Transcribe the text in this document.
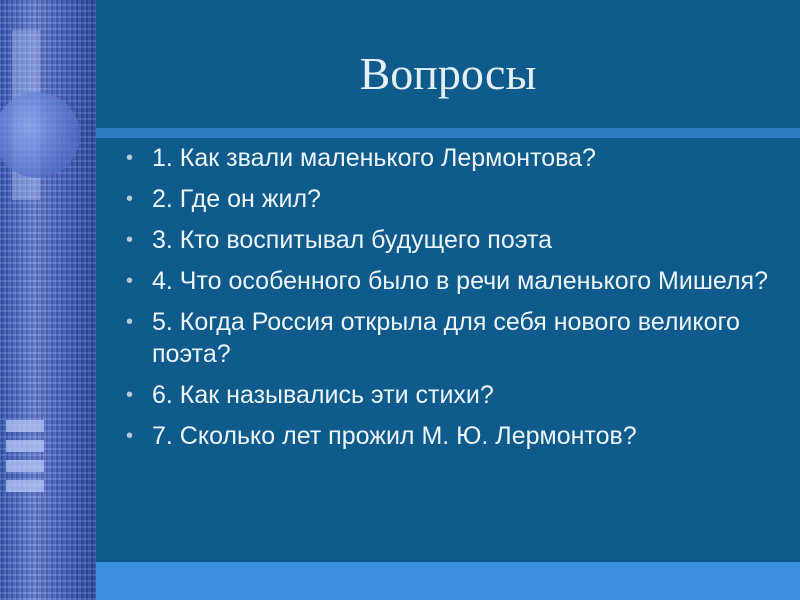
Вопросы
• 1. Как звали маленького Лермонтова?
• 2. Где он жил?
• 3. Кто воспитывал будущего поэта
• 4. Что особенного было в речи маленького Мишеля?
• 5. Когда Россия открыла для себя нового великого поэта?
• 6. Как назывались эти стихи?
• 7. Сколько лет прожил М. Ю. Лермонтов?
